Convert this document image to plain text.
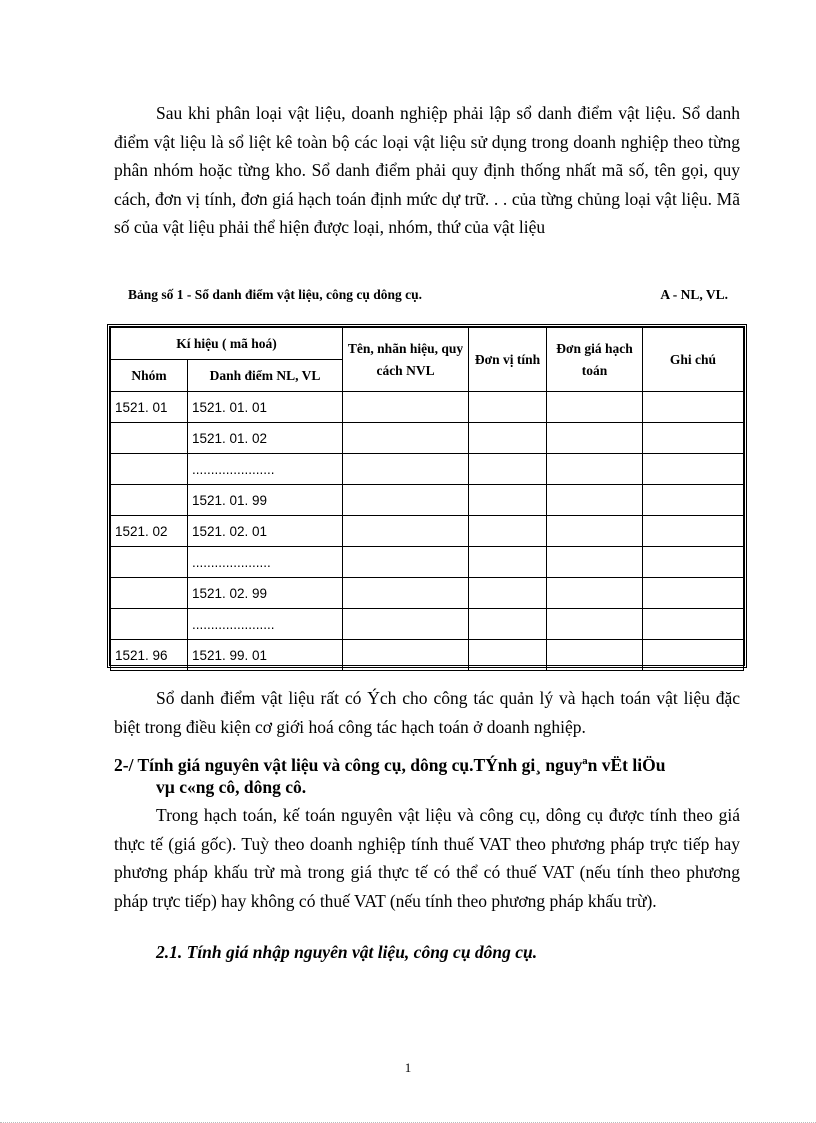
Sau khi phân loại vật liệu, doanh nghiệp phải lập sổ danh điểm vật liệu. Sổ danh điểm vật liệu là sổ liệt kê toàn bộ các loại vật liệu sử dụng trong doanh nghiệp theo từng phân nhóm hoặc từng kho. Sổ danh điểm phải quy định thống nhất mã số, tên gọi, quy cách, đơn vị tính, đơn giá hạch toán định mức dự trữ. . . của từng chủng loại vật liệu. Mã số của vật liệu phải thể hiện được loại, nhóm, thứ của vật liệu

Bảng số 1 - Sổ danh điểm vật liệu, công cụ dông cụ.	A - NL, VL.
Kí hiệu ( mã hoá)		Tên, nhãn hiệu, quy cách NVL	Đơn vị tính	Đơn giá hạch toán	Ghi chú
Nhóm	Danh điểm NL, VL				
1521. 01	1521. 01. 01				
	1521. 01. 02				
	......................				
	1521. 01. 99				
1521. 02	1521. 02. 01				
	.....................				
	1521. 02. 99				
	......................				
1521. 96	1521. 99. 01				

Sổ danh điểm vật liệu rất có Ých cho công tác quản lý và hạch toán vật liệu đặc biệt trong điều kiện cơ giới hoá công tác hạch toán ở doanh nghiệp.

2-/ Tính giá nguyên vật liệu và công cụ, dông cụ.TÝnh gi¸ nguyªn vËt liÖu
vµ c«ng cô, dông cô.

Trong hạch toán, kế toán nguyên vật liệu và công cụ, dông cụ được tính theo giá thực tế (giá gốc). Tuỳ theo doanh nghiệp tính thuế VAT theo phương pháp trực tiếp hay phương pháp khấu trừ mà trong giá thực tế có thể có thuế VAT (nếu tính theo phương pháp trực tiếp) hay không có thuế VAT (nếu tính theo phương pháp khấu trừ).

2.1. Tính giá nhập nguyên vật liệu, công cụ dông cụ.

1
